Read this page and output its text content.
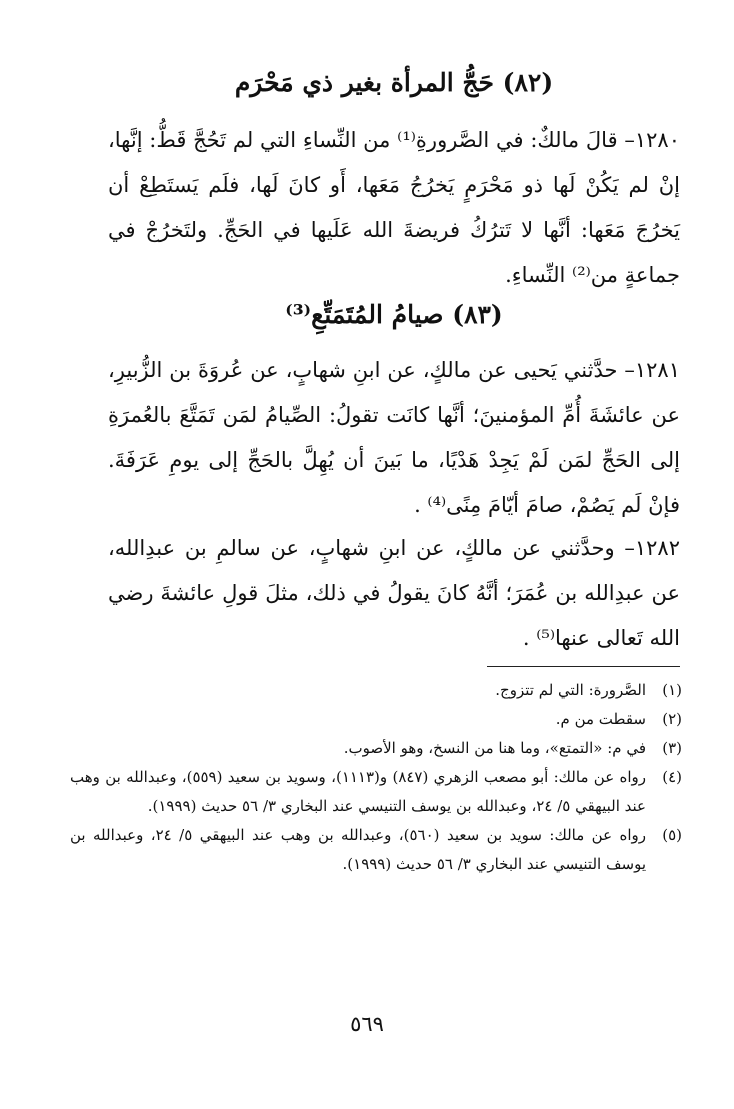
(٨٢) حَجُّ المرأة بغير ذي مَحْرَم

١٢٨٠– قالَ مالكٌ: في الصَّرورةِ⁽¹⁾ من النِّساءِ التي لم تَحُجَّ قَطُّ: إنَّها، إنْ لم يَكُنْ لَها ذو مَحْرَمٍ يَخرُجُ مَعَها، أَو كانَ لَها، فلَم يَستَطِعْ أن يَخرُجَ مَعَها: أنَّها لا تَترُكُ فريضةَ الله عَلَيها في الحَجِّ. ولتَخرُجْ في جماعةٍ من⁽²⁾ النِّساءِ.

(٨٣) صيامُ المُتَمَتِّعِ⁽³⁾

١٢٨١– حدَّثني يَحيى عن مالكٍ، عن ابنِ شهابٍ، عن عُروَةَ بن الزُّبيرِ، عن عائشَةَ أُمِّ المؤمنينَ؛ أنَّها كانَت تقولُ: الصِّيامُ لمَن تَمَتَّعَ بالعُمرَةِ إلى الحَجِّ لمَن لَمْ يَجِدْ هَدْيًا، ما بَينَ أن يُهِلَّ بالحَجِّ إلى يومِ عَرَفَةَ. فإنْ لَم يَصُمْ، صامَ أيّامَ مِنًى⁽⁴⁾ .

١٢٨٢– وحدَّثني عن مالكٍ، عن ابنِ شهابٍ، عن سالمِ بن عبدِالله، عن عبدِالله بن عُمَرَ؛ أنَّهُ كانَ يقولُ في ذلك، مثلَ قولِ عائشةَ رضي الله تَعالى عنها⁽⁵⁾ .

(١)
الصَّرورة: التي لم تتزوج.
(٢)
سقطت من م.
(٣)
في م: «التمتع»، وما هنا من النسخ، وهو الأصوب.
(٤)
رواه عن مالك: أبو مصعب الزهري (٨٤٧) و(١١١٣)، وسويد بن سعيد (٥٥٩)، وعبدالله بن وهب عند البيهقي ٥/ ٢٤، وعبدالله بن يوسف التنيسي عند البخاري ٣/ ٥٦ حديث (١٩٩٩).
(٥)
رواه عن مالك: سويد بن سعيد (٥٦٠)، وعبدالله بن وهب عند البيهقي ٥/ ٢٤، وعبدالله بن يوسف التنيسي عند البخاري ٣/ ٥٦ حديث (١٩٩٩).
٥٦٩
